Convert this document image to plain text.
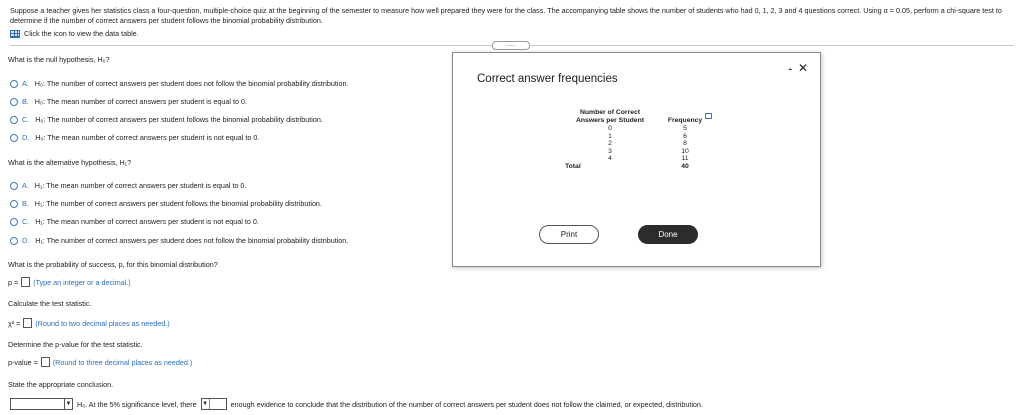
Suppose a teacher gives her statistics class a four-question, multiple-choice quiz at the beginning of the semester to measure how well prepared they were for the class. The accompanying table shows the number of students who had 0, 1, 2, 3 and 4 questions correct. Using α = 0.05, perform a chi-square test to determine if the number of correct answers per student follows the binomial probability distribution.
Click the icon to view the data table.
......
What is the null hypothesis, H₀?
A. H₀: The number of correct answers per student does not follow the binomial probability distribution.
B. H₀: The mean number of correct answers per student is equal to 0.
C. H₀: The number of correct answers per student follows the binomial probability distribution.
D. H₀: The mean number of correct answers per student is not equal to 0.
What is the alternative hypothesis, H₁?
A. H₁: The mean number of correct answers per student is equal to 0.
B. H₁: The number of correct answers per student follows the binomial probability distribution.
C. H₁: The mean number of correct answers per student is not equal to 0.
D. H₁: The number of correct answers per student does not follow the binomial probability distribution.
What is the probability of success, p, for this binomial distribution?
p = (Type an integer or a decimal.)
Calculate the test statistic.
χ² = (Round to two decimal places as needed.)
Determine the p-value for the test statistic.
p-value = (Round to three decimal places as needed.)
State the appropriate conclusion.
▼ H₀. At the 5% significance level, there ▼	enough evidence to conclude that the distribution of the number of correct answers per student does not follow the claimed, or expected, distribution.
Correct answer frequencies
- ✕
Number of Correct
Answers per Student	Frequency
0	5
1	6
2	8
3	10
4	11
Total	40
Print	Done
